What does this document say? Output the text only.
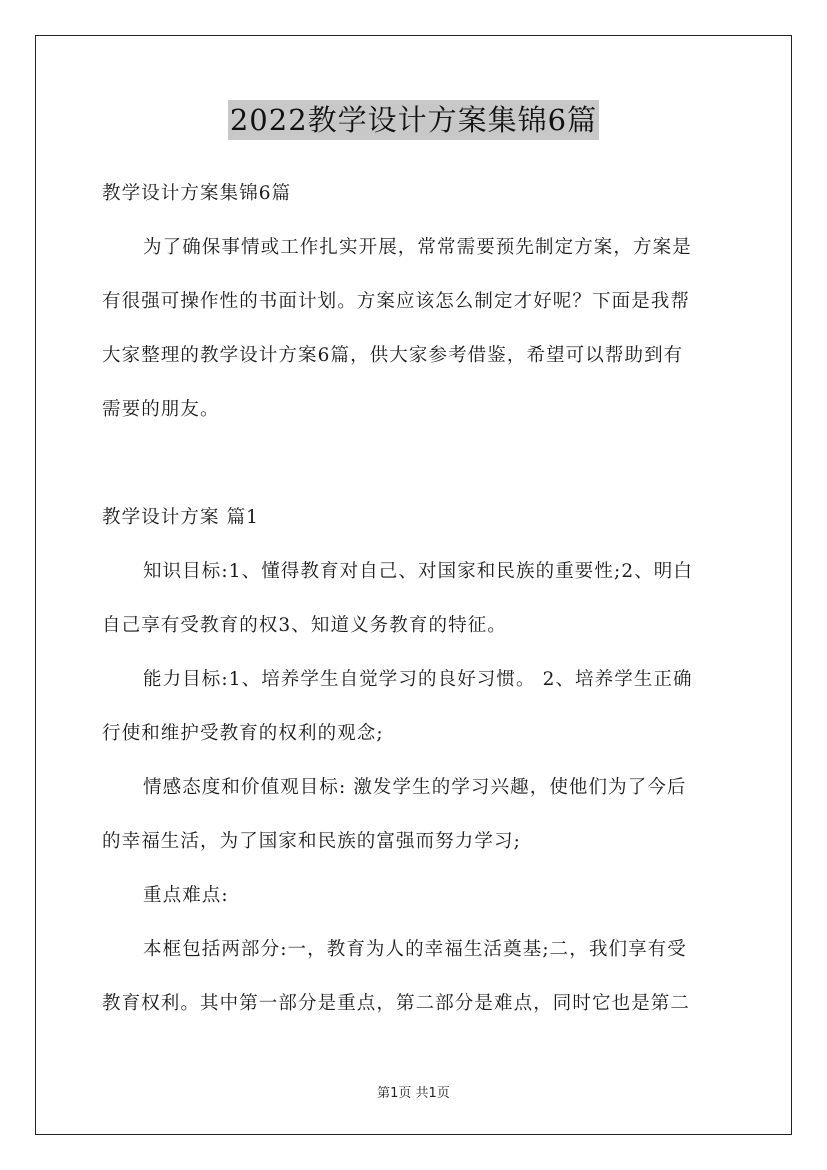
2022教学设计方案集锦6篇
教学设计方案集锦6篇
为了确保事情或工作扎实开展，常常需要预先制定方案，方案是
有很强可操作性的书面计划。方案应该怎么制定才好呢？下面是我帮
大家整理的教学设计方案6篇，供大家参考借鉴，希望可以帮助到有
需要的朋友。
教学设计方案 篇1
知识目标:1、懂得教育对自己、对国家和民族的重要性;2、明白
自己享有受教育的权3、知道义务教育的特征。
能力目标:1、培养学生自觉学习的良好习惯。 2、培养学生正确
行使和维护受教育的权利的观念;
情感态度和价值观目标: 激发学生的学习兴趣，使他们为了今后
的幸福生活，为了国家和民族的富强而努力学习;
重点难点:
本框包括两部分:一，教育为人的幸福生活奠基;二，我们享有受
教育权利。其中第一部分是重点，第二部分是难点，同时它也是第二
第1页 共1页
